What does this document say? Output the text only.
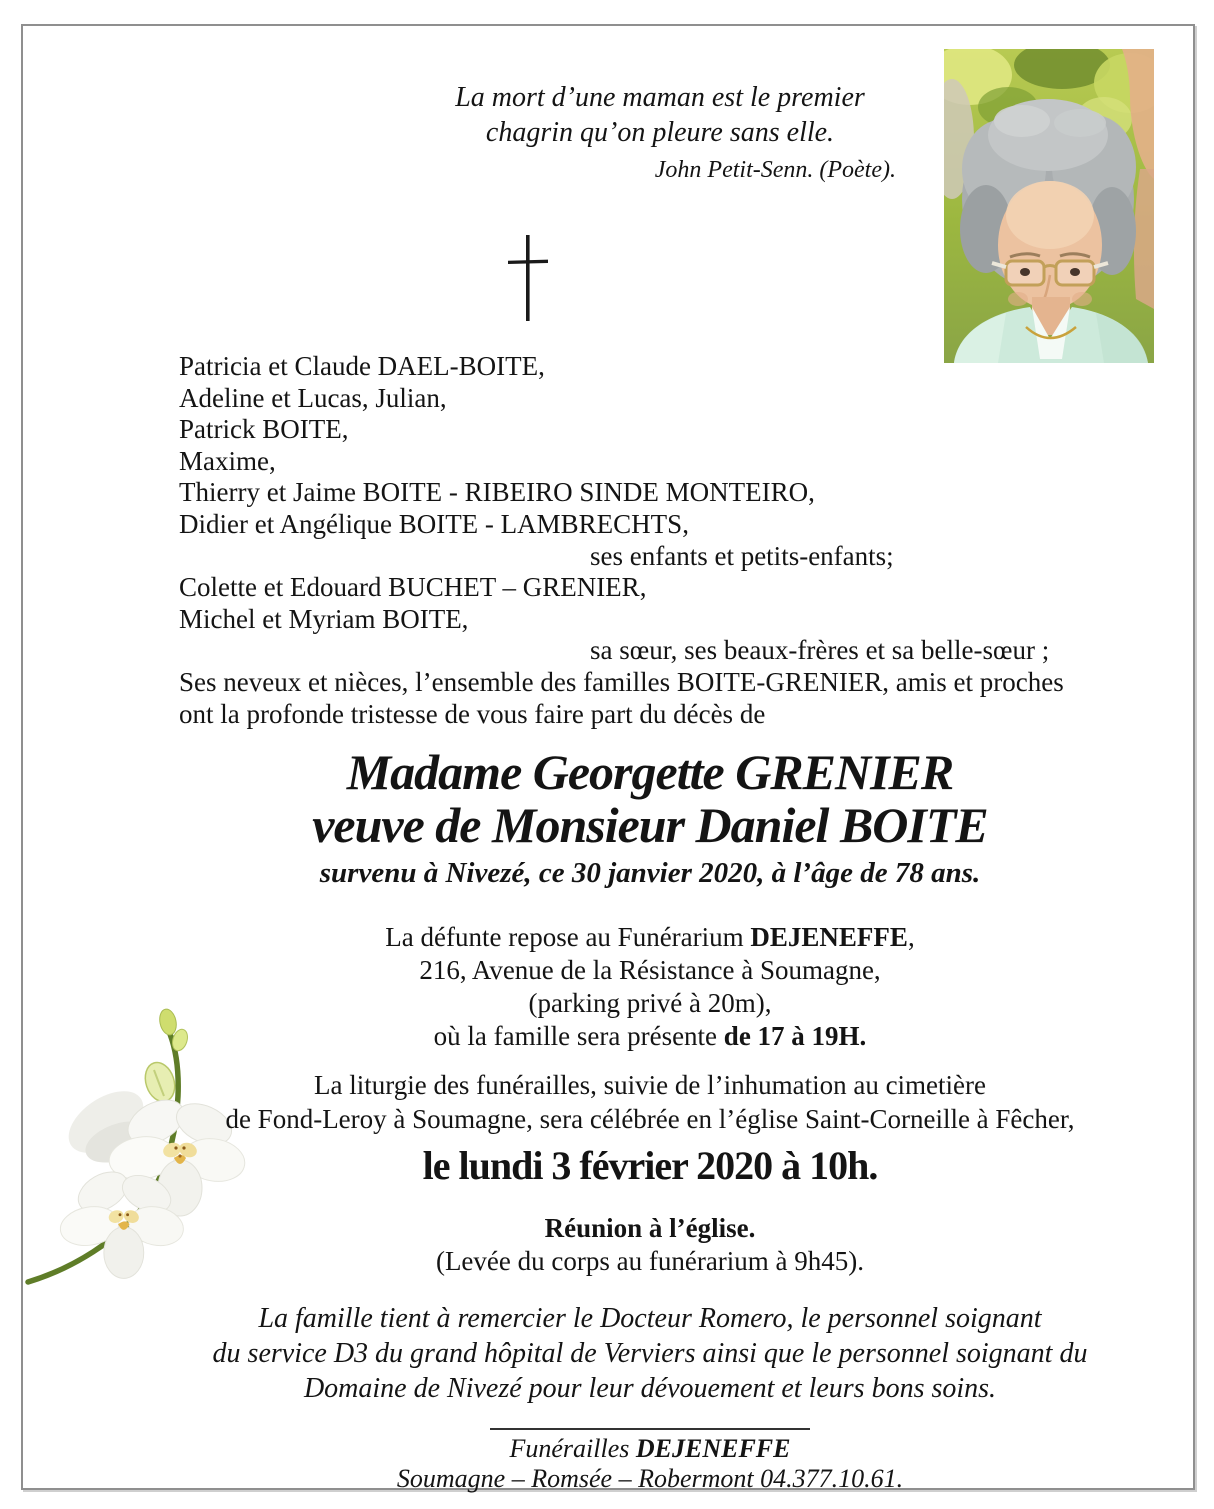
La mort d’une maman est le premier
chagrin qu’on pleure sans elle.
John Petit-Senn. (Poète).
Patricia et Claude DAEL-BOITE,
Adeline et Lucas, Julian,
Patrick BOITE,
Maxime,
Thierry et Jaime BOITE - RIBEIRO SINDE MONTEIRO,
Didier et Angélique BOITE - LAMBRECHTS,
ses enfants et petits-enfants;
Colette et Edouard BUCHET – GRENIER,
Michel et Myriam BOITE,
sa sœur, ses beaux-frères et sa belle-sœur ;
Ses neveux et nièces, l’ensemble des familles BOITE-GRENIER, amis et proches
ont la profonde tristesse de vous faire part du décès de
Madame Georgette GRENIER
veuve de Monsieur Daniel BOITE
survenu à Nivezé, ce 30 janvier 2020, à l’âge de 78 ans.
La défunte repose au Funérarium DEJENEFFE,
216, Avenue de la Résistance à Soumagne,
(parking privé à 20m),
où la famille sera présente de 17 à 19H.
La liturgie des funérailles, suivie de l’inhumation au cimetière
de Fond-Leroy à Soumagne, sera célébrée en l’église Saint-Corneille à Fêcher,
le lundi 3 février 2020 à 10h.
Réunion à l’église.
(Levée du corps au funérarium à 9h45).
La famille tient à remercier le Docteur Romero, le personnel soignant
du service D3 du grand hôpital de Verviers ainsi que le personnel soignant du
Domaine de Nivezé pour leur dévouement et leurs bons soins.
Funérailles DEJENEFFE
Soumagne – Romsée – Robermont 04.377.10.61.
